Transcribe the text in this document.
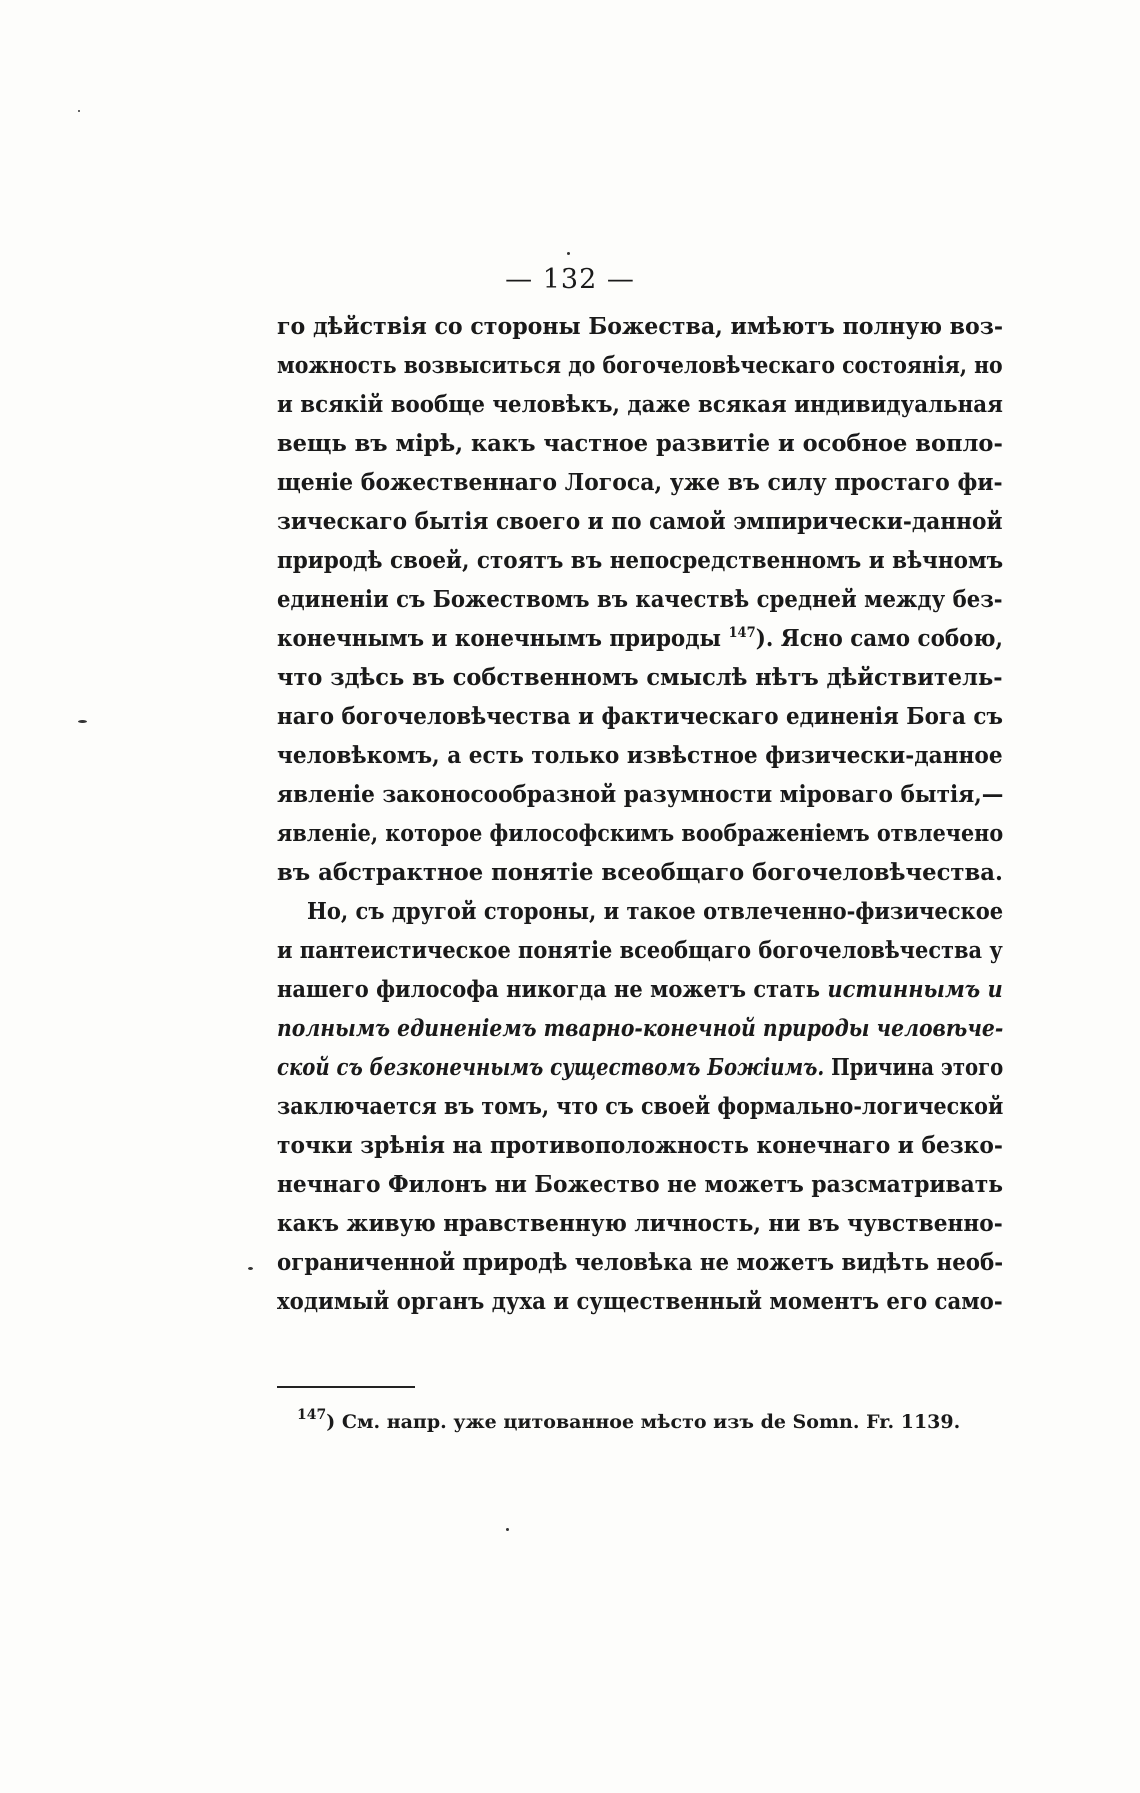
— 132 —
го дѣйствія со стороны Божества, имѣютъ полную воз-
можность возвыситься до богочеловѣческаго состоянія, но
и всякій вообще человѣкъ, даже всякая индивидуальная
вещь въ мірѣ, какъ частное развитіе и особное вопло-
щеніе божественнаго Логоса, уже въ силу простаго фи-
зическаго бытія своего и по самой эмпирически-данной
природѣ своей, стоятъ въ непосредственномъ и вѣчномъ
единеніи съ Божествомъ въ качествѣ средней между без-
конечнымъ и конечнымъ природы $^{147}$). Ясно само собою,
что здѣсь въ собственномъ смыслѣ нѣтъ дѣйствитель-
наго богочеловѣчества и фактическаго единенія Бога съ
человѣкомъ, а есть только извѣстное физически-данное
явленіе законосообразной разумности міроваго бытія,—
явленіе, которое философскимъ воображеніемъ отвлечено
въ абстрактное понятіе всеобщаго богочеловѣчества.
Но, съ другой стороны, и такое отвлеченно-физическое
и пантеистическое понятіе всеобщаго богочеловѣчества у
нашего философа никогда не можетъ стать истиннымъ и
полнымъ единеніемъ тварно-конечной природы человѣче-
ской съ безконечнымъ существомъ Божіимъ. Причина этого
заключается въ томъ, что съ своей формально-логической
точки зрѣнія на противоположность конечнаго и безко-
нечнаго Филонъ ни Божество не можетъ разсматривать
какъ живую нравственную личность, ни въ чувственно-
ограниченной природѣ человѣка не можетъ видѣть необ-
ходимый органъ духа и существенный моментъ его само-
$^{147}$) См. напр. уже цитованное мѣсто изъ de Somn. Fr. 1139.
